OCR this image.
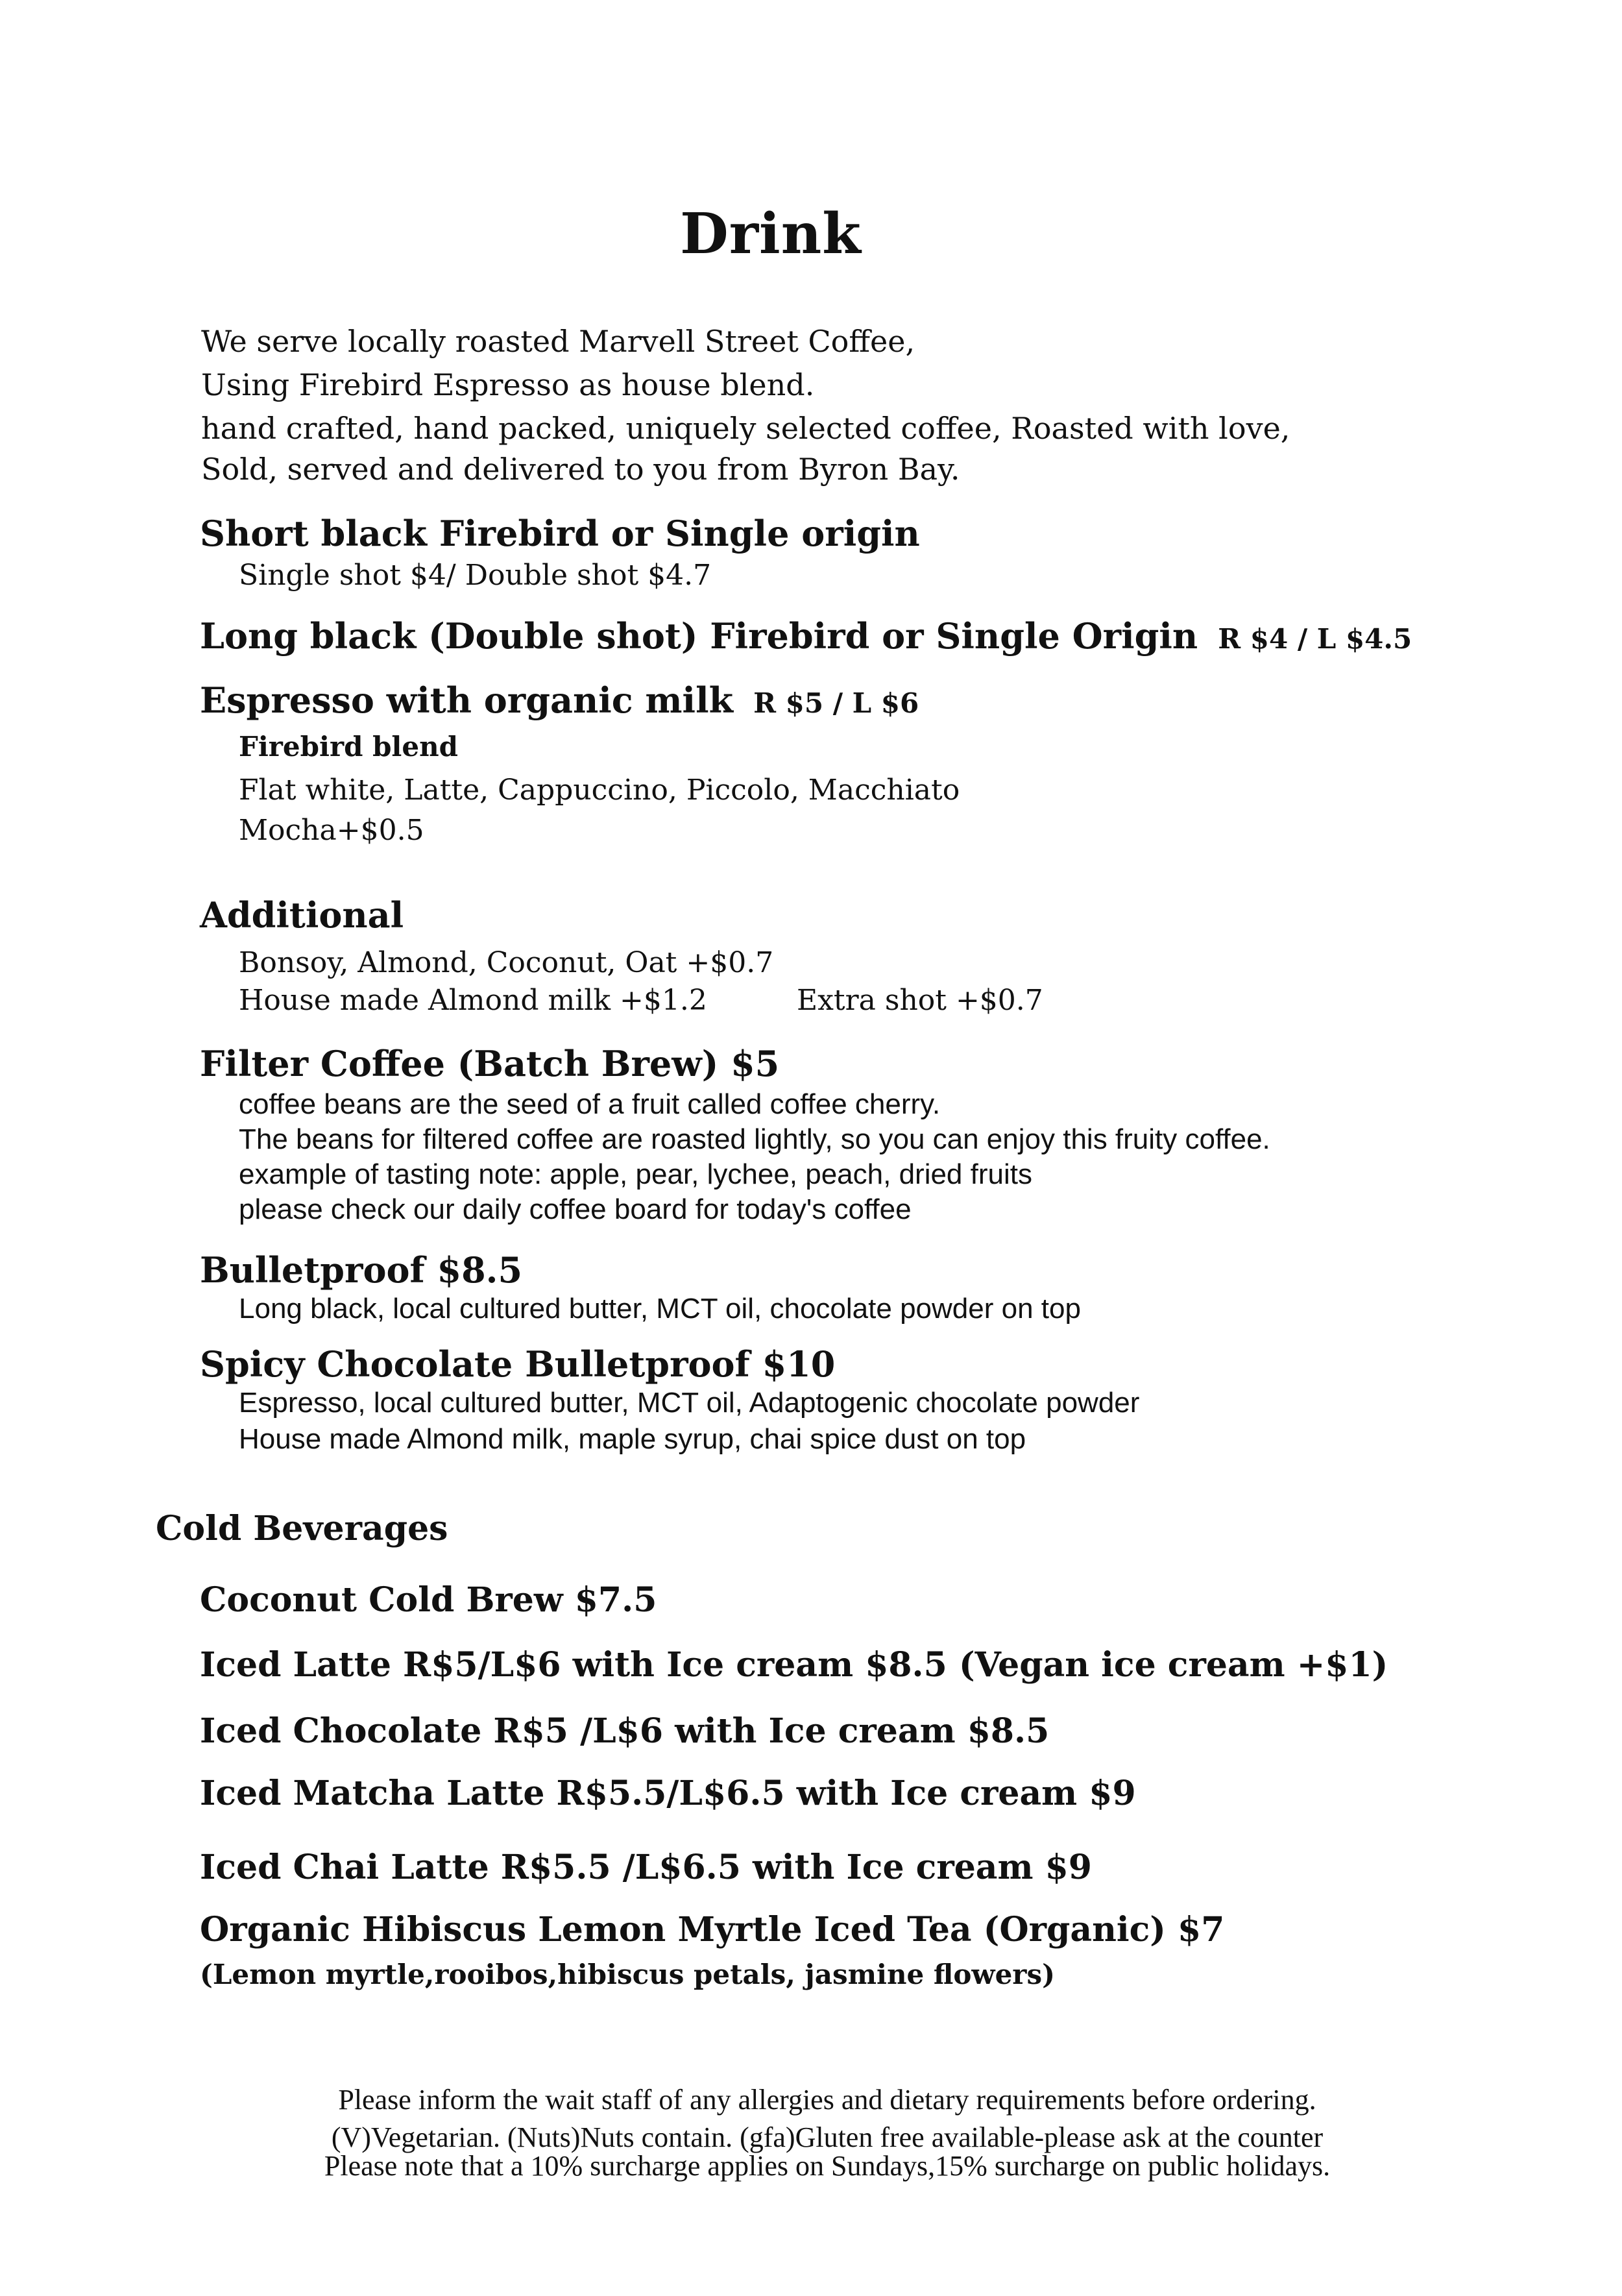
Drink
We serve locally roasted Marvell Street Coffee,
Using Firebird Espresso as house blend.
hand crafted, hand packed, uniquely selected coffee, Roasted with love,
Sold, served and delivered to you from Byron Bay.
Short black Firebird or Single origin
Single shot $4/ Double shot $4.7
Long black (Double shot) Firebird or Single Origin R $4 / L $4.5
Espresso with organic milk R $5 / L $6
Firebird blend
Flat white, Latte, Cappuccino, Piccolo, Macchiato
Mocha+$0.5
Additional
Bonsoy, Almond, Coconut, Oat +$0.7
House made Almond milk +$1.2	Extra shot +$0.7
Filter Coffee (Batch Brew) $5
coffee beans are the seed of a fruit called coffee cherry.
The beans for filtered coffee are roasted lightly, so you can enjoy this fruity coffee.
example of tasting note: apple, pear, lychee, peach, dried fruits
please check our daily coffee board for today's coffee
Bulletproof $8.5
Long black, local cultured butter, MCT oil, chocolate powder on top
Spicy Chocolate Bulletproof $10
Espresso, local cultured butter, MCT oil, Adaptogenic chocolate powder
House made Almond milk, maple syrup, chai spice dust on top
Cold Beverages
Coconut Cold Brew $7.5
Iced Latte R$5/L$6 with Ice cream $8.5 (Vegan ice cream +$1)
Iced Chocolate R$5 /L$6 with Ice cream $8.5
Iced Matcha Latte R$5.5/L$6.5 with Ice cream $9
Iced Chai Latte R$5.5 /L$6.5 with Ice cream $9
Organic Hibiscus Lemon Myrtle Iced Tea (Organic) $7
(Lemon myrtle,rooibos,hibiscus petals, jasmine flowers)
Please inform the wait staff of any allergies and dietary requirements before ordering.
(V)Vegetarian. (Nuts)Nuts contain. (gfa)Gluten free available-please ask at the counter
Please note that a 10% surcharge applies on Sundays,15% surcharge on public holidays.
